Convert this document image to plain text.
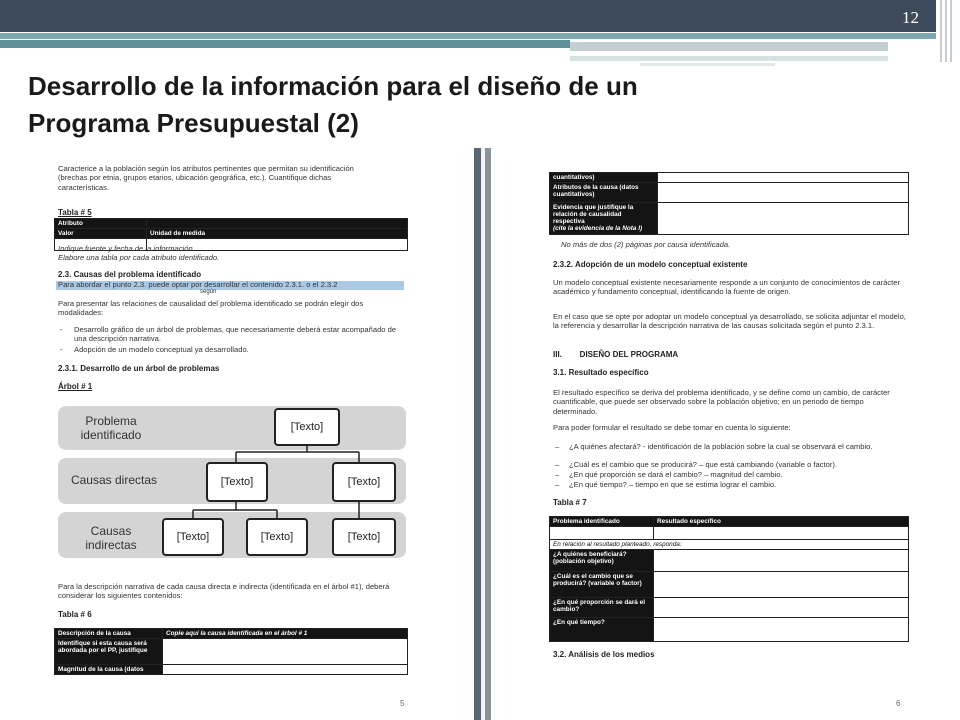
12
Desarrollo de la información para el diseño de un
Programa Presupuestal (2)
Caracterice a la población según los atributos pertinentes que permitan su identificación (brechas por etnia, grupos etarios, ubicación geográfica, etc.). Cuantifique dichas características.
Tabla # 5
Atributo	
Valor	Unidad de medida

Indique fuente y fecha de la información
Elabore una tabla por cada atributo identificado.
2.3. Causas del problema identificado
Para abordar el punto 2.3. puede optar por desarrollar el contenido 2.3.1. o el 2.3.2
según
Para presentar las relaciones de causalidad del problema identificado se podrán elegir dos modalidades:
- Desarrollo gráfico de un árbol de problemas, que necesariamente deberá estar acompañado de una descripción narrativa.
- Adopción de un modelo conceptual ya desarrollado.
2.3.1. Desarrollo de un árbol de problemas
Árbol # 1
Problema identificado
Causas directas
Causas indirectas
[Texto]
[Texto]	[Texto]
[Texto]	[Texto]	[Texto]
Para la descripción narrativa de cada causa directa e indirecta (identificada en el árbol #1), deberá considerar los siguientes contenidos:
Tabla # 6
Descripción de la causa	Copie aquí la causa identificada en el árbol # 1
Identifique si esta causa será abordada por el PP, justifique	
Magnitud de la causa (datos	
5
cuantitativos)	
Atributos de la causa (datos cuantitativos)	
Evidencia que justifique la relación de causalidad respectiva
(cite la evidencia de la Nota I)	
No más de dos (2) páginas por causa identificada.
2.3.2. Adopción de un modelo conceptual existente
Un modelo conceptual existente necesariamente responde a un conjunto de conocimientos de carácter académico y fundamento conceptual, identificando la fuente de origen.
En el caso que se opte por adoptar un modelo conceptual ya desarrollado, se solicita adjuntar el modelo, la referencia y desarrollar la descripción narrativa de las causas solicitada según el punto 2.3.1.
III.        DISEÑO DEL PROGRAMA
3.1. Resultado específico
El resultado específico se deriva del problema identificado, y se define como un cambio, de carácter cuantificable, que puede ser observado sobre la población objetivo; en un periodo de tiempo determinado.
Para poder formular el resultado se debe tomar en cuenta lo siguiente:
– ¿A quiénes afectará? - identificación de la población sobre la cual se observará el cambio.
– ¿Cuál es el cambio que se producirá? – que está cambiando (variable o factor).
– ¿En qué proporción se dará el cambio? – magnitud del cambio.
– ¿En qué tiempo? – tiempo en que se estima lograr el cambio.
Tabla # 7
Problema identificado	Resultado específico

En relación al resultado planteado, responda:	
¿A quiénes beneficiará? (población objetivo)	
¿Cuál es el cambio que se producirá? (variable o factor)	
¿En qué proporción se dará el cambio?	
¿En qué tiempo?	
3.2. Análisis de los medios
6
